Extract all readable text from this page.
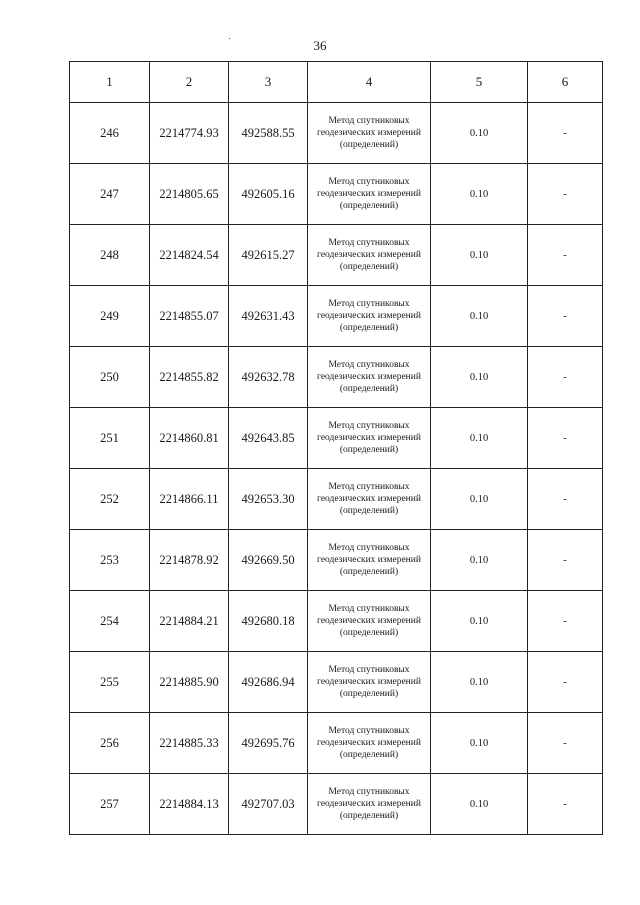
36
1	2	3	4	5	6
246	2214774.93	492588.55	Метод спутниковых геодезических измерений (определений)	0.10	-
247	2214805.65	492605.16	Метод спутниковых геодезических измерений (определений)	0.10	-
248	2214824.54	492615.27	Метод спутниковых геодезических измерений (определений)	0.10	-
249	2214855.07	492631.43	Метод спутниковых геодезических измерений (определений)	0.10	-
250	2214855.82	492632.78	Метод спутниковых геодезических измерений (определений)	0.10	-
251	2214860.81	492643.85	Метод спутниковых геодезических измерений (определений)	0.10	-
252	2214866.11	492653.30	Метод спутниковых геодезических измерений (определений)	0.10	-
253	2214878.92	492669.50	Метод спутниковых геодезических измерений (определений)	0.10	-
254	2214884.21	492680.18	Метод спутниковых геодезических измерений (определений)	0.10	-
255	2214885.90	492686.94	Метод спутниковых геодезических измерений (определений)	0.10	-
256	2214885.33	492695.76	Метод спутниковых геодезических измерений (определений)	0.10	-
257	2214884.13	492707.03	Метод спутниковых геодезических измерений (определений)	0.10	-
